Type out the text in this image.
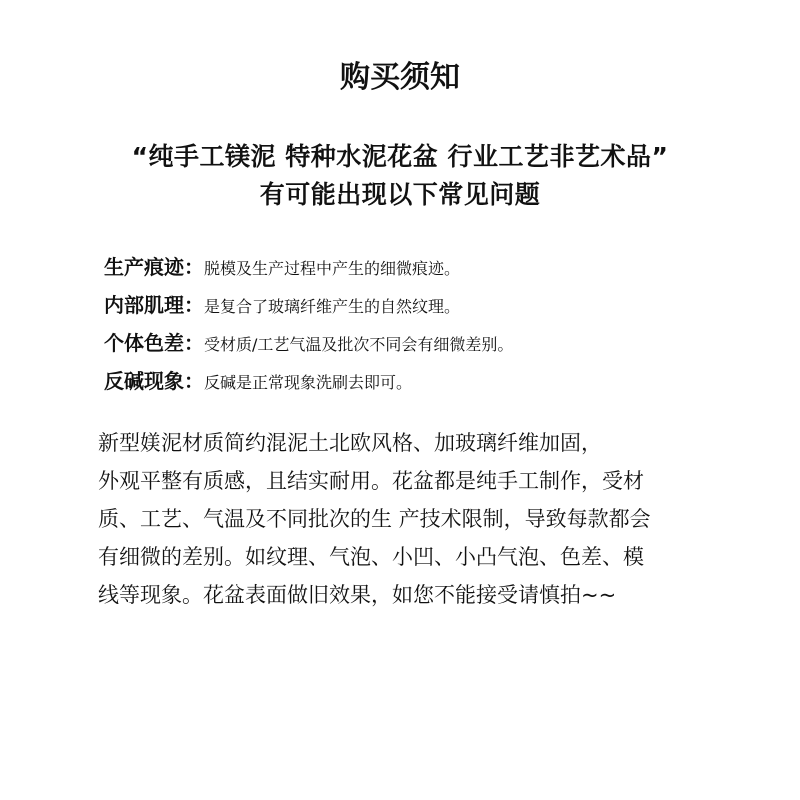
购买须知
“纯手工镁泥 特种水泥花盆 行业工艺非艺术品”
有可能出现以下常见问题
生产痕迹：脱模及生产过程中产生的细微痕迹。
内部肌理：是复合了玻璃纤维产生的自然纹理。
个体色差：受材质/工艺气温及批次不同会有细微差别。
反碱现象：反碱是正常现象洗刷去即可。
新型媄泥材质简约混泥土北欧风格、加玻璃纤维加固，
外观平整有质感，且结实耐用。花盆都是纯手工制作，受材
质、工艺、气温及不同批次的生 产技术限制，导致每款都会
有细微的差别。如纹理、气泡、小凹、小凸气泡、色差、模
线等现象。花盆表面做旧效果，如您不能接受请慎拍~~
